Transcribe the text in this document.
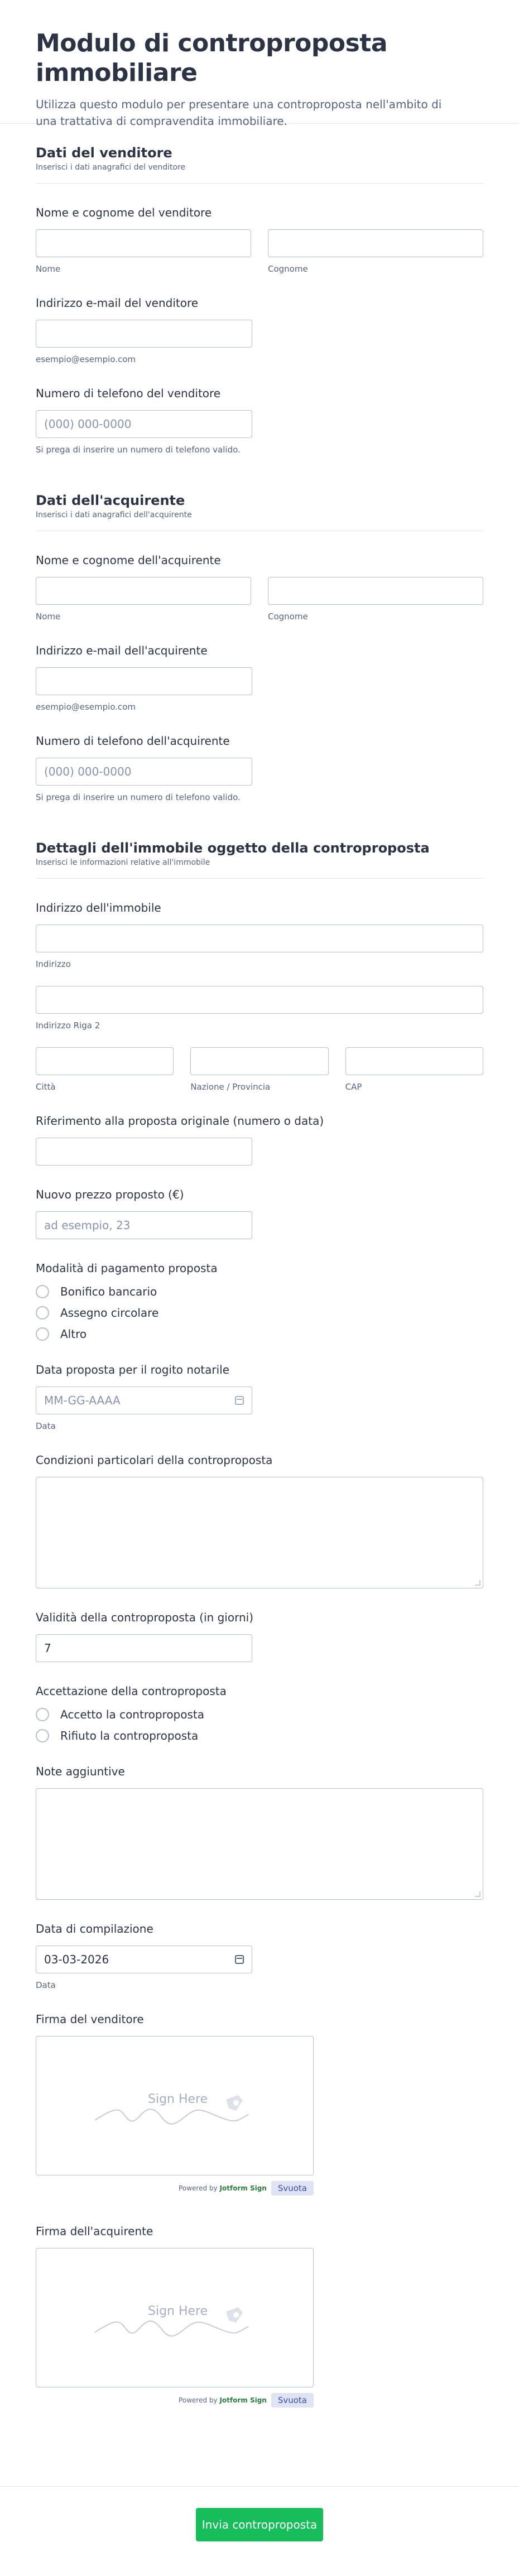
Modulo di controproposta immobiliare

Utilizza questo modulo per presentare una controproposta nell'ambito di una trattativa di compravendita immobiliare.

Dati del venditore
Inserisci i dati anagrafici del venditore
Nome e cognome del venditore
Nome	Cognome
Indirizzo e-mail del venditore
esempio@esempio.com
Numero di telefono del venditore
(000) 000-0000
Si prega di inserire un numero di telefono valido.
Dati dell'acquirente
Inserisci i dati anagrafici dell'acquirente
Nome e cognome dell'acquirente
Nome	Cognome
Indirizzo e-mail dell'acquirente
esempio@esempio.com
Numero di telefono dell'acquirente
(000) 000-0000
Si prega di inserire un numero di telefono valido.
Dettagli dell'immobile oggetto della controproposta
Inserisci le informazioni relative all'immobile
Indirizzo dell'immobile
Indirizzo
Indirizzo Riga 2
Città	Nazione / Provincia	CAP
Riferimento alla proposta originale (numero o data)
Nuovo prezzo proposto (€)
ad esempio, 23
Modalità di pagamento proposta
Bonifico bancario
Assegno circolare
Altro
Data proposta per il rogito notarile
MM-GG-AAAA
Data
Condizioni particolari della controproposta
Validità della controproposta (in giorni)
7
Accettazione della controproposta
Accetto la controproposta
Rifiuto la controproposta
Note aggiuntive
Data di compilazione
03-03-2026
Data
Firma del venditore
Sign Here
Powered by Jotform Sign	Svuota
Firma dell'acquirente
Sign Here
Powered by Jotform Sign	Svuota
Invia controproposta
